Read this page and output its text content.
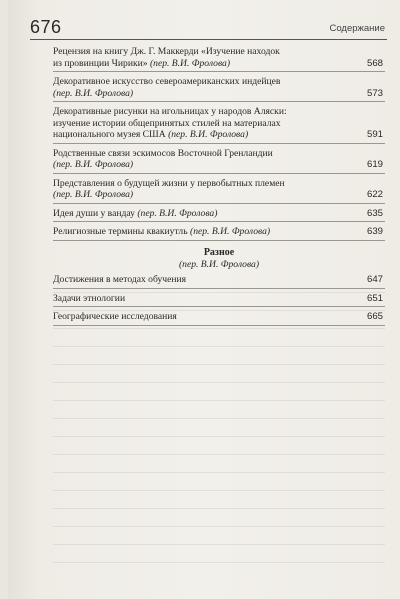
676	Содержание
Рецензия на книгу Дж. Г. Маккерди «Изучение находок
из провинции Чирики» (пер. В.И. Фролова)	568
Декоративное искусство североамериканских индейцев
(пер. В.И. Фролова)	573
Декоративные рисунки на игольницах у народов Аляски:
изучение истории общепринятых стилей на материалах
национального музея США (пер. В.И. Фролова)	591
Родственные связи эскимосов Восточной Гренландии
(пер. В.И. Фролова)	619
Представления о будущей жизни у первобытных племен
(пер. В.И. Фролова)	622
Идея души у вандау (пер. В.И. Фролова)	635
Религиозные термины квакиутль (пер. В.И. Фролова)	639
Разное
(пер. В.И. Фролова)
Достижения в методах обучения	647
Задачи этнологии	651
Географические исследования	665
